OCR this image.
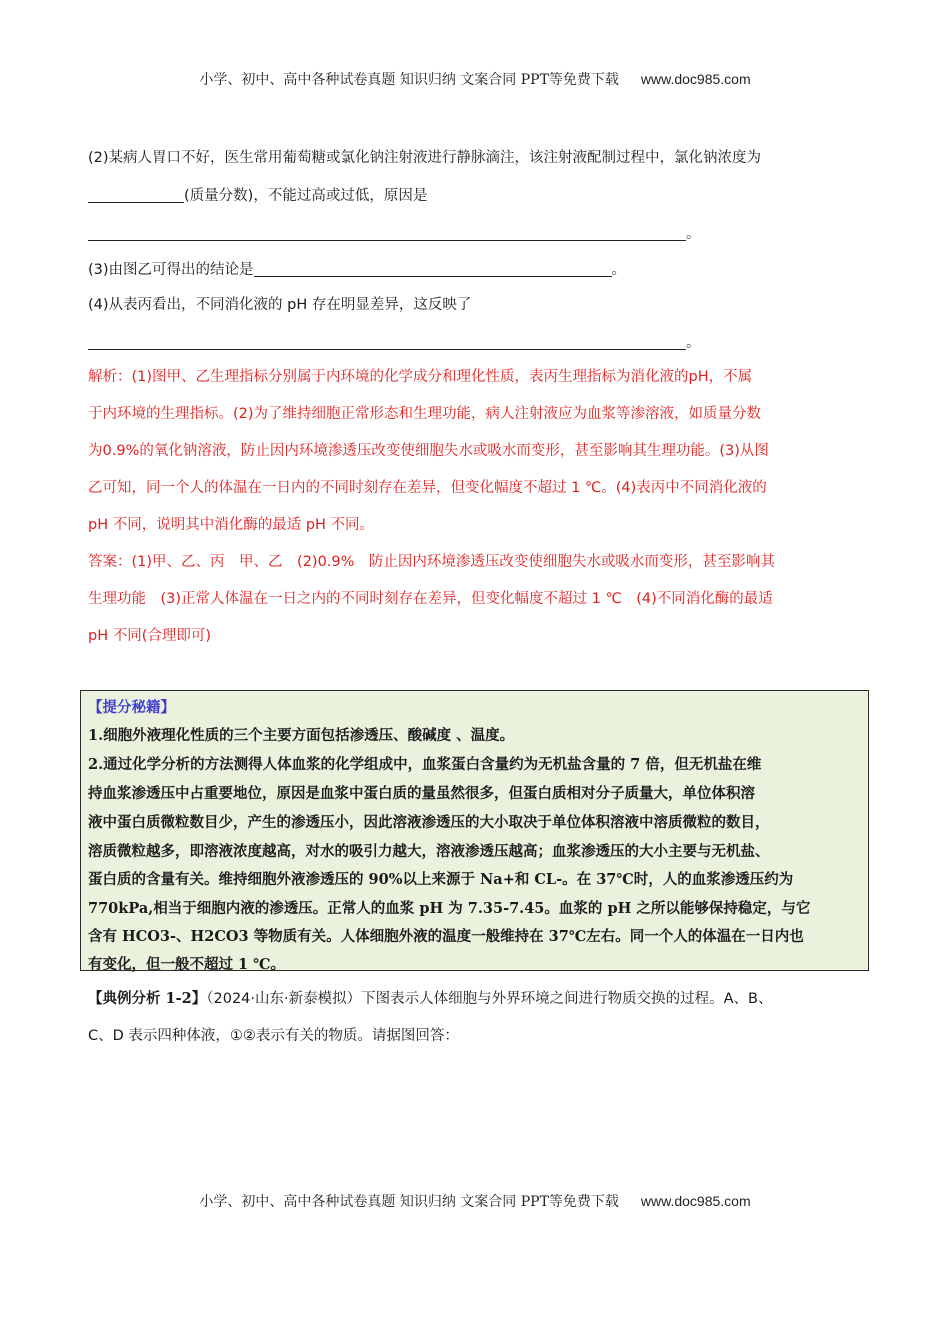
小学、初中、高中各种试卷真题 知识归纳 文案合同 PPT等免费下载 www.doc985.com
(2)某病人胃口不好，医生常用葡萄糖或氯化钠注射液进行静脉滴注，该注射液配制过程中，氯化钠浓度为
(质量分数)，不能过高或过低，原因是
。
(3)由图乙可得出的结论是	。
(4)从表丙看出，不同消化液的 pH 存在明显差异，这反映了
。
解析：(1)图甲、乙生理指标分别属于内环境的化学成分和理化性质，表丙生理指标为消化液的pH，不属
于内环境的生理指标。(2)为了维持细胞正常形态和生理功能，病人注射液应为血浆等渗溶液，如质量分数
为0.9%的氧化钠溶液，防止因内环境渗透压改变使细胞失水或吸水而变形，甚至影响其生理功能。(3)从图
乙可知，同一个人的体温在一日内的不同时刻存在差异，但变化幅度不超过 1 ℃。(4)表丙中不同消化液的
pH 不同，说明其中消化酶的最适 pH 不同。
答案：(1)甲、乙、丙　甲、乙　(2)0.9%　防止因内环境渗透压改变使细胞失水或吸水而变形，甚至影响其
生理功能　(3)正常人体温在一日之内的不同时刻存在差异，但变化幅度不超过 1 ℃　(4)不同消化酶的最适
pH 不同(合理即可)
【提分秘籍】
1.细胞外液理化性质的三个主要方面包括渗透压、酸碱度 、温度。
2.通过化学分析的方法测得人体血浆的化学组成中，血浆蛋白含量约为无机盐含量的 7 倍，但无机盐在维
持血浆渗透压中占重要地位，原因是血浆中蛋白质的量虽然很多，但蛋白质相对分子质量大，单位体积溶
液中蛋白质微粒数目少，产生的渗透压小，因此溶液渗透压的大小取决于单位体积溶液中溶质微粒的数目，
溶质微粒越多，即溶液浓度越高，对水的吸引力越大，溶液渗透压越高；血浆渗透压的大小主要与无机盐、
蛋白质的含量有关。维持细胞外液渗透压的 90%以上来源于 Na+和 CL-。在 37℃时，人的血浆渗透压约为
770kPa,相当于细胞内液的渗透压。正常人的血浆 pH 为 7.35-7.45。血浆的 pH 之所以能够保持稳定，与它
含有 HCO3-、H2CO3 等物质有关。人体细胞外液的温度一般维持在 37℃左右。同一个人的体温在一日内也
有变化，但一般不超过 1 ℃。
【典例分析 1-2】（2024·山东·新泰模拟）下图表示人体细胞与外界环境之间进行物质交换的过程。A、B、
C、D 表示四种体液，①②表示有关的物质。请据图回答：
小学、初中、高中各种试卷真题 知识归纳 文案合同 PPT等免费下载 www.doc985.com
